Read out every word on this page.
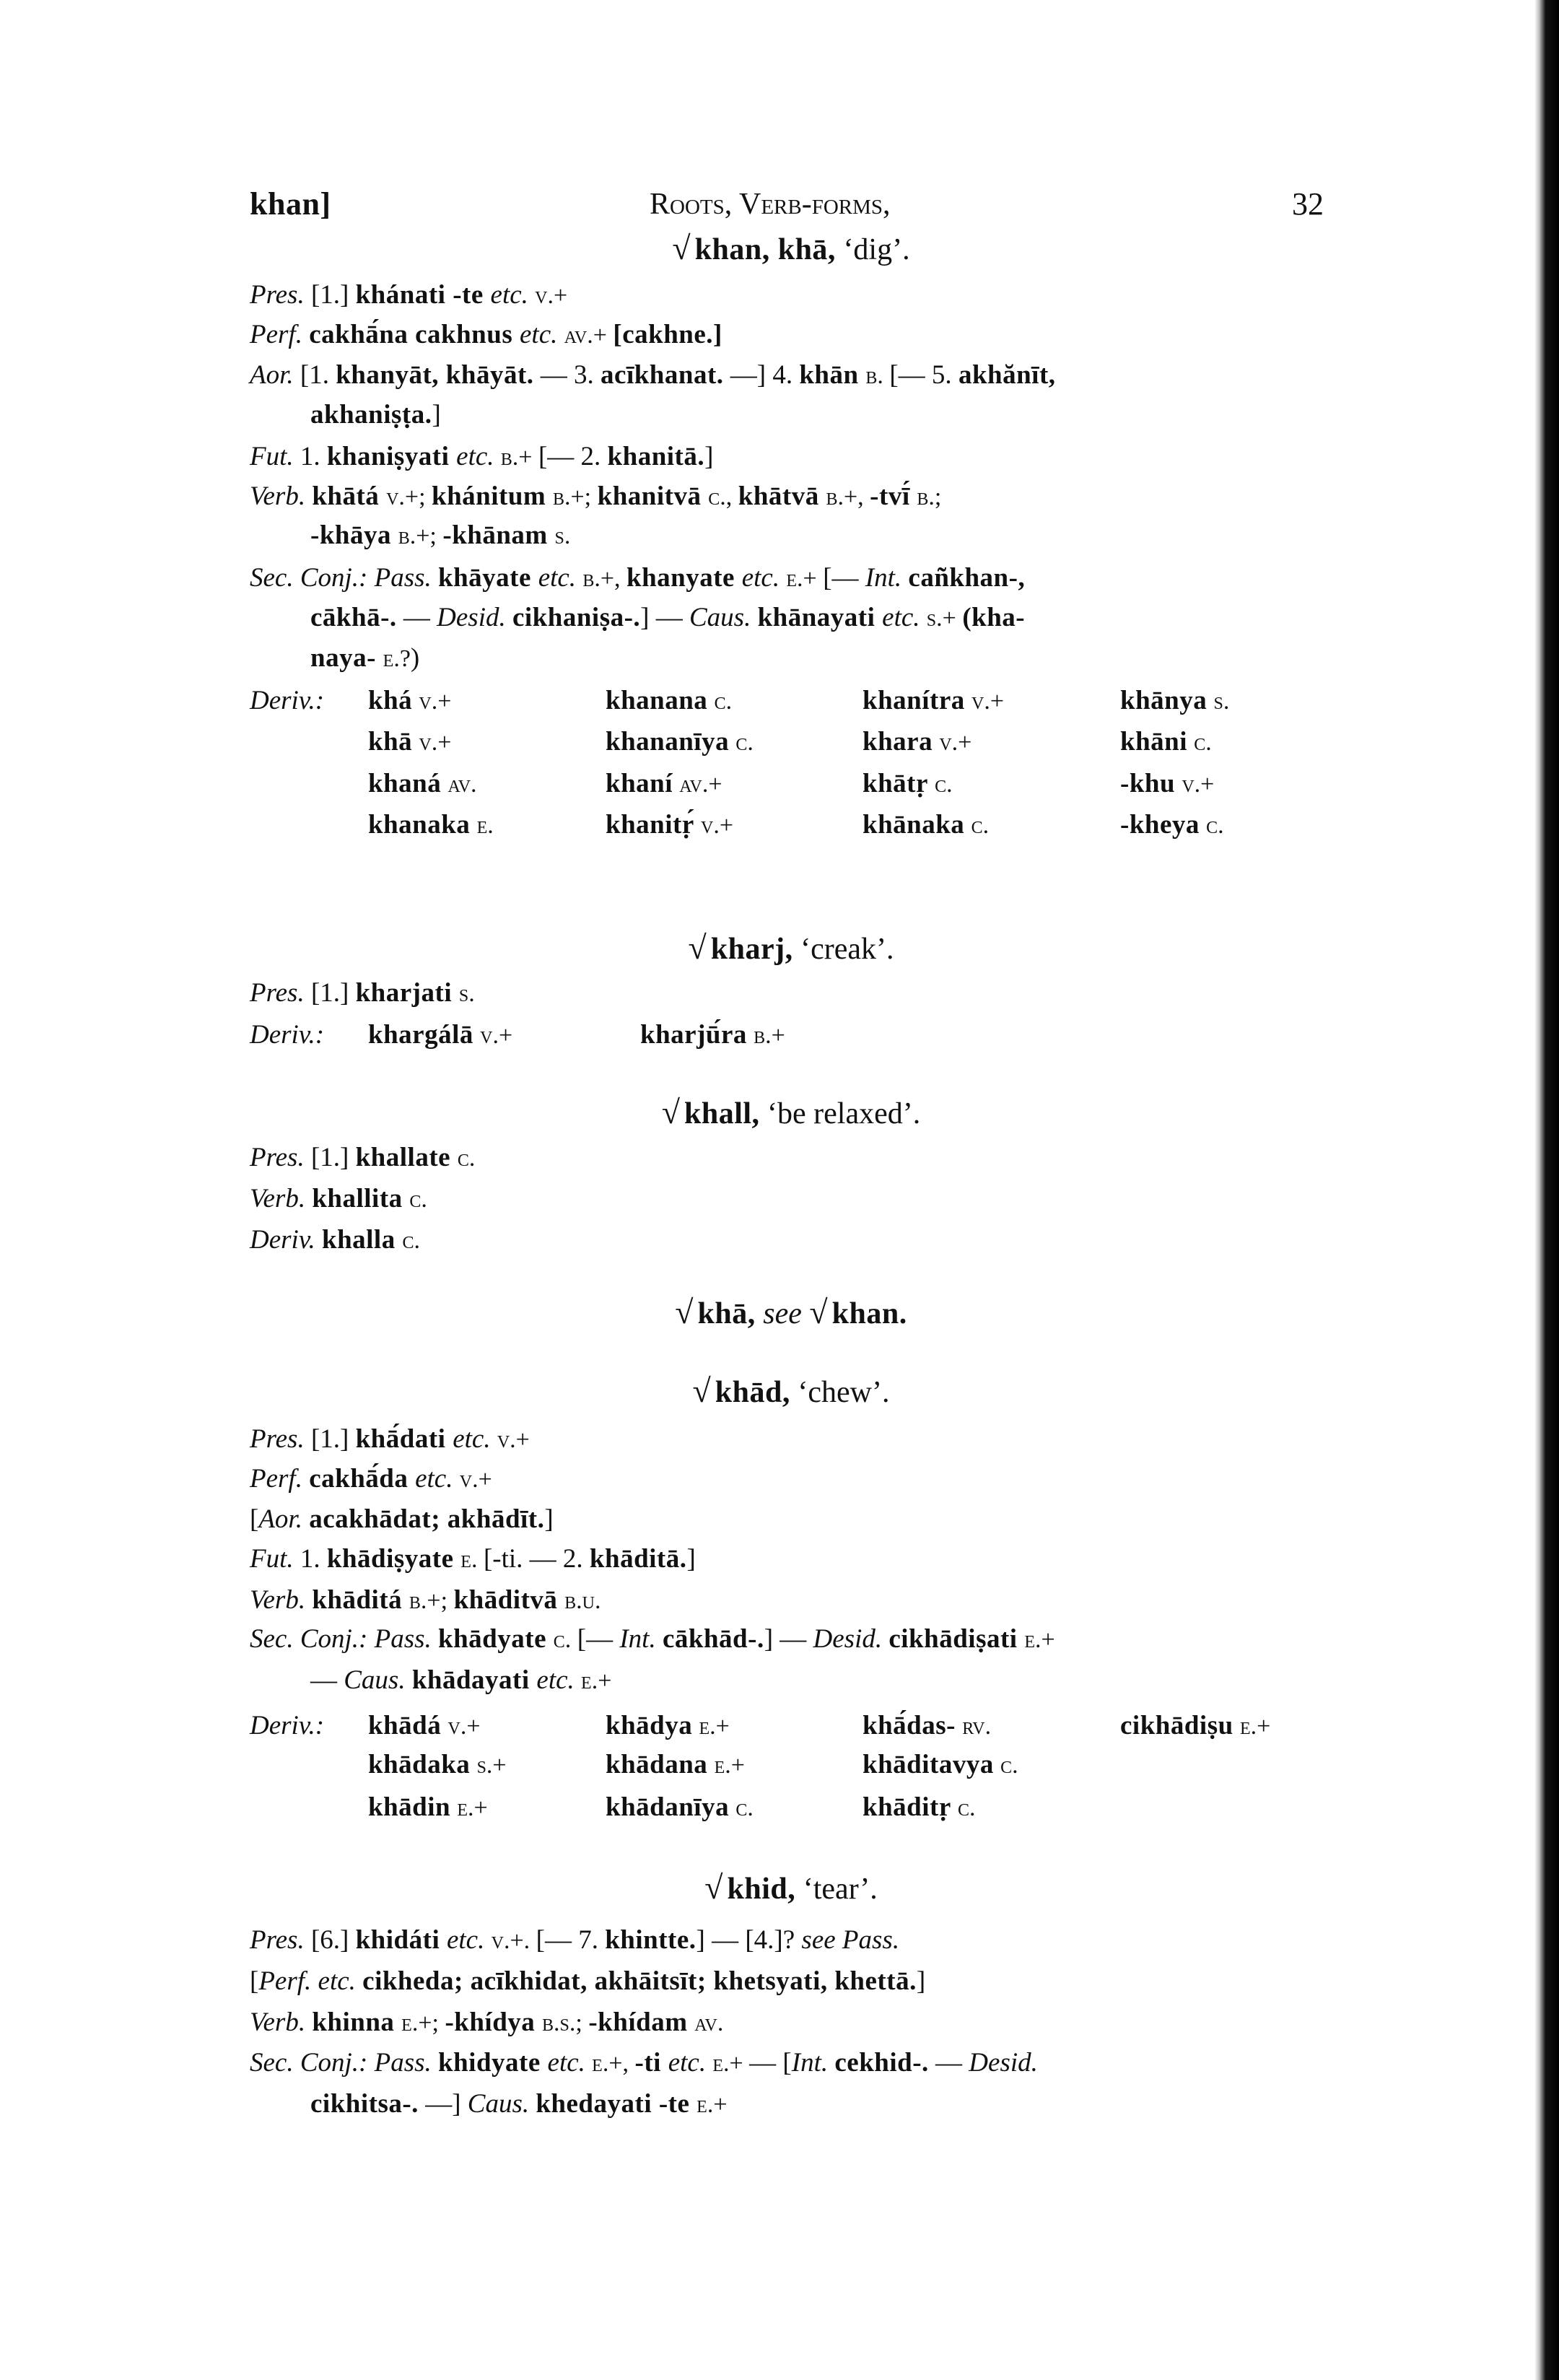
khan]	Roots, Verb-forms,	32
√ khan, khā, ‘dig’.
Pres. [1.] khánati -te etc. v.+
Perf. cakhā́na cakhnus etc. av.+ [cakhne.]
Aor. [1. khanyāt, khāyāt. — 3. acīkhanat. —] 4. khān b. [— 5. akhănīt,
akhaniṣṭa.]
Fut. 1. khaniṣyati etc. b.+ [— 2. khanitā.]
Verb. khātá v.+; khánitum b.+; khanitvā c., khātvā b.+, -tvī́ b.;
-khāya b.+; -khānam s.
Sec. Conj.: Pass. khāyate etc. b.+, khanyate etc. e.+ [— Int. cañkhan-,
cākhā-. — Desid. cikhaniṣa-.] — Caus. khānayati etc. s.+ (kha-
naya- e.?)
Deriv.: khá v.+	khanana c.	khanítra v.+	khānya s.
khā v.+	khananīya c.	khara v.+	khāni c.
khaná av.	khaní av.+	khātṛ c.	-khu v.+
khanaka e.	khanitṛ́ v.+	khānaka c.	-kheya c.
√ kharj, ‘creak’.
Pres. [1.] kharjati s.
Deriv.: khargálā v.+	kharjū́ra b.+
√ khall, ‘be relaxed’.
Pres. [1.] khallate c.
Verb. khallita c.
Deriv. khalla c.
√ khā, see √ khan.
√ khād, ‘chew’.
Pres. [1.] khā́dati etc. v.+
Perf. cakhā́da etc. v.+
[Aor. acakhādat; akhādīt.]
Fut. 1. khādiṣyate e. [-ti. — 2. khāditā.]
Verb. khāditá b.+; khāditvā b.u.
Sec. Conj.: Pass. khādyate c. [— Int. cākhād-.] — Desid. cikhādiṣati e.+
— Caus. khādayati etc. e.+
Deriv.: khādá v.+	khādya e.+	khā́das- rv.	cikhādiṣu e.+
khādaka s.+	khādana e.+	khāditavya c.
khādin e.+	khādanīya c.	khāditṛ c.
√ khid, ‘tear’.
Pres. [6.] khidáti etc. v.+. [— 7. khintte.] — [4.]? see Pass.
[Perf. etc. cikheda; acīkhidat, akhāitsīt; khetsyati, khettā.]
Verb. khinna e.+; -khídya b.s.; -khídam av.
Sec. Conj.: Pass. khidyate etc. e.+, -ti etc. e.+ — [Int. cekhid-. — Desid.
cikhitsa-. —] Caus. khedayati -te e.+
